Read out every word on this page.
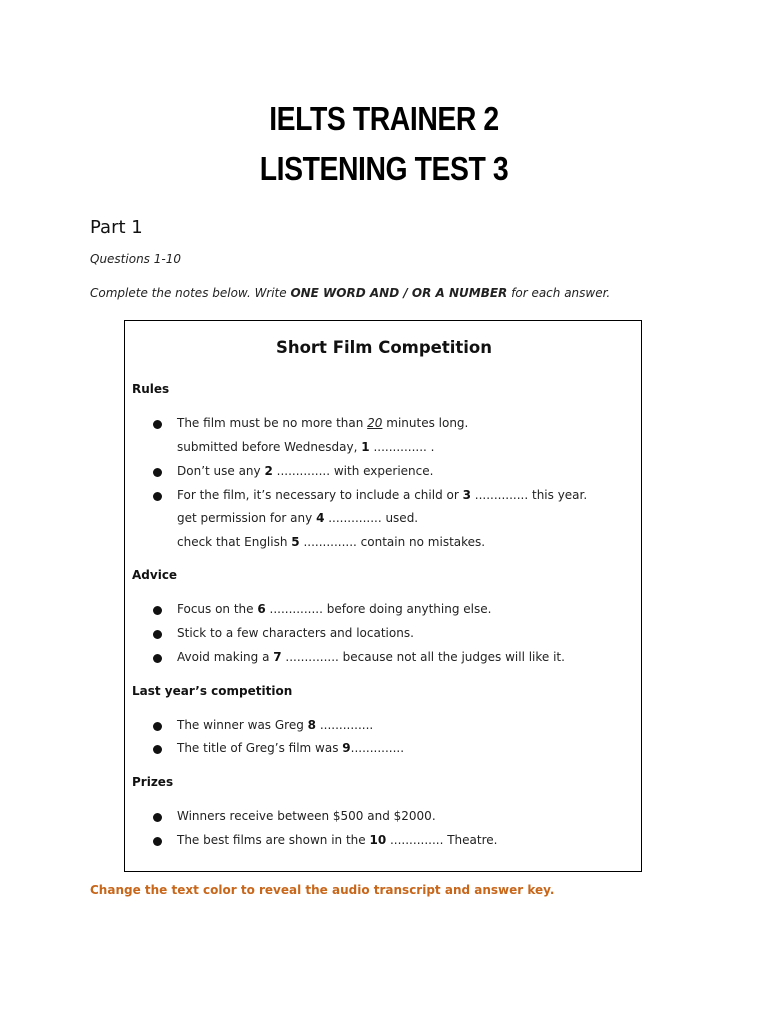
IELTS TRAINER 2
LISTENING TEST 3
Part 1
Questions 1-10
Complete the notes below. Write ONE WORD AND / OR A NUMBER for each answer.
Short Film Competition
Rules
The film must be no more than 20 minutes long.
submitted before Wednesday, 1 .............. .
Don’t use any 2 .............. with experience.
For the film, it’s necessary to include a child or 3 .............. this year.
get permission for any 4 .............. used.
check that English 5 .............. contain no mistakes.
Advice
Focus on the 6 .............. before doing anything else.
Stick to a few characters and locations.
Avoid making a 7 .............. because not all the judges will like it.
Last year’s competition
The winner was Greg 8 ..............
The title of Greg’s film was 9..............
Prizes
Winners receive between $500 and $2000.
The best films are shown in the 10 .............. Theatre.
Change the text color to reveal the audio transcript and answer key.
